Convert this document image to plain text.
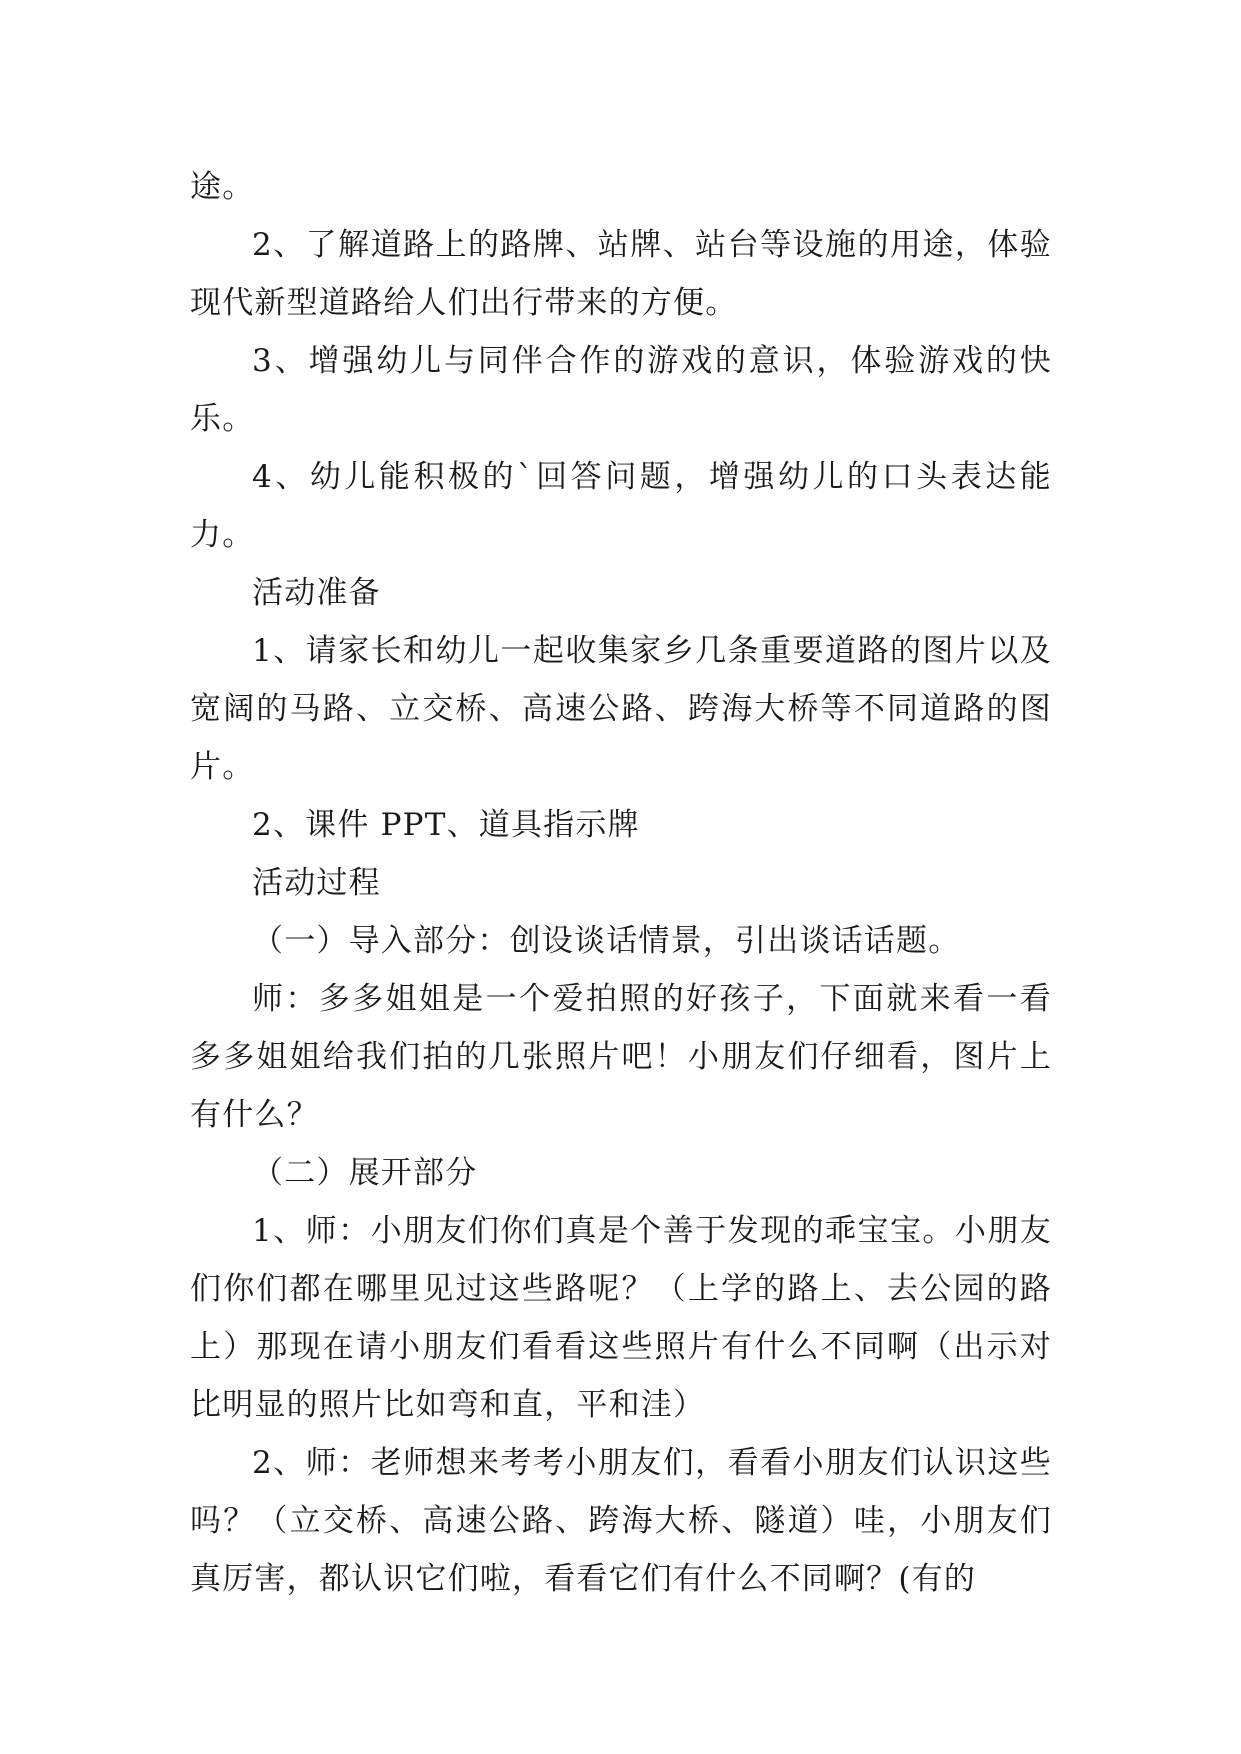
途。

2、了解道路上的路牌、站牌、站台等设施的用途，体验现代新型道路给人们出行带来的方便。

3、增强幼儿与同伴合作的游戏的意识，体验游戏的快乐。

4、幼儿能积极的`回答问题，增强幼儿的口头表达能力。

活动准备

1、请家长和幼儿一起收集家乡几条重要道路的图片以及宽阔的马路、立交桥、高速公路、跨海大桥等不同道路的图片。

2、课件 PPT、道具指示牌

活动过程

（一）导入部分：创设谈话情景，引出谈话话题。

师：多多姐姐是一个爱拍照的好孩子，下面就来看一看多多姐姐给我们拍的几张照片吧！小朋友们仔细看，图片上有什么？

（二）展开部分

1、师：小朋友们你们真是个善于发现的乖宝宝。小朋友们你们都在哪里见过这些路呢？（上学的路上、去公园的路上）那现在请小朋友们看看这些照片有什么不同啊（出示对比明显的照片比如弯和直，平和洼）

2、师：老师想来考考小朋友们，看看小朋友们认识这些吗？（立交桥、高速公路、跨海大桥、隧道）哇，小朋友们真厉害，都认识它们啦，看看它们有什么不同啊？(有的
